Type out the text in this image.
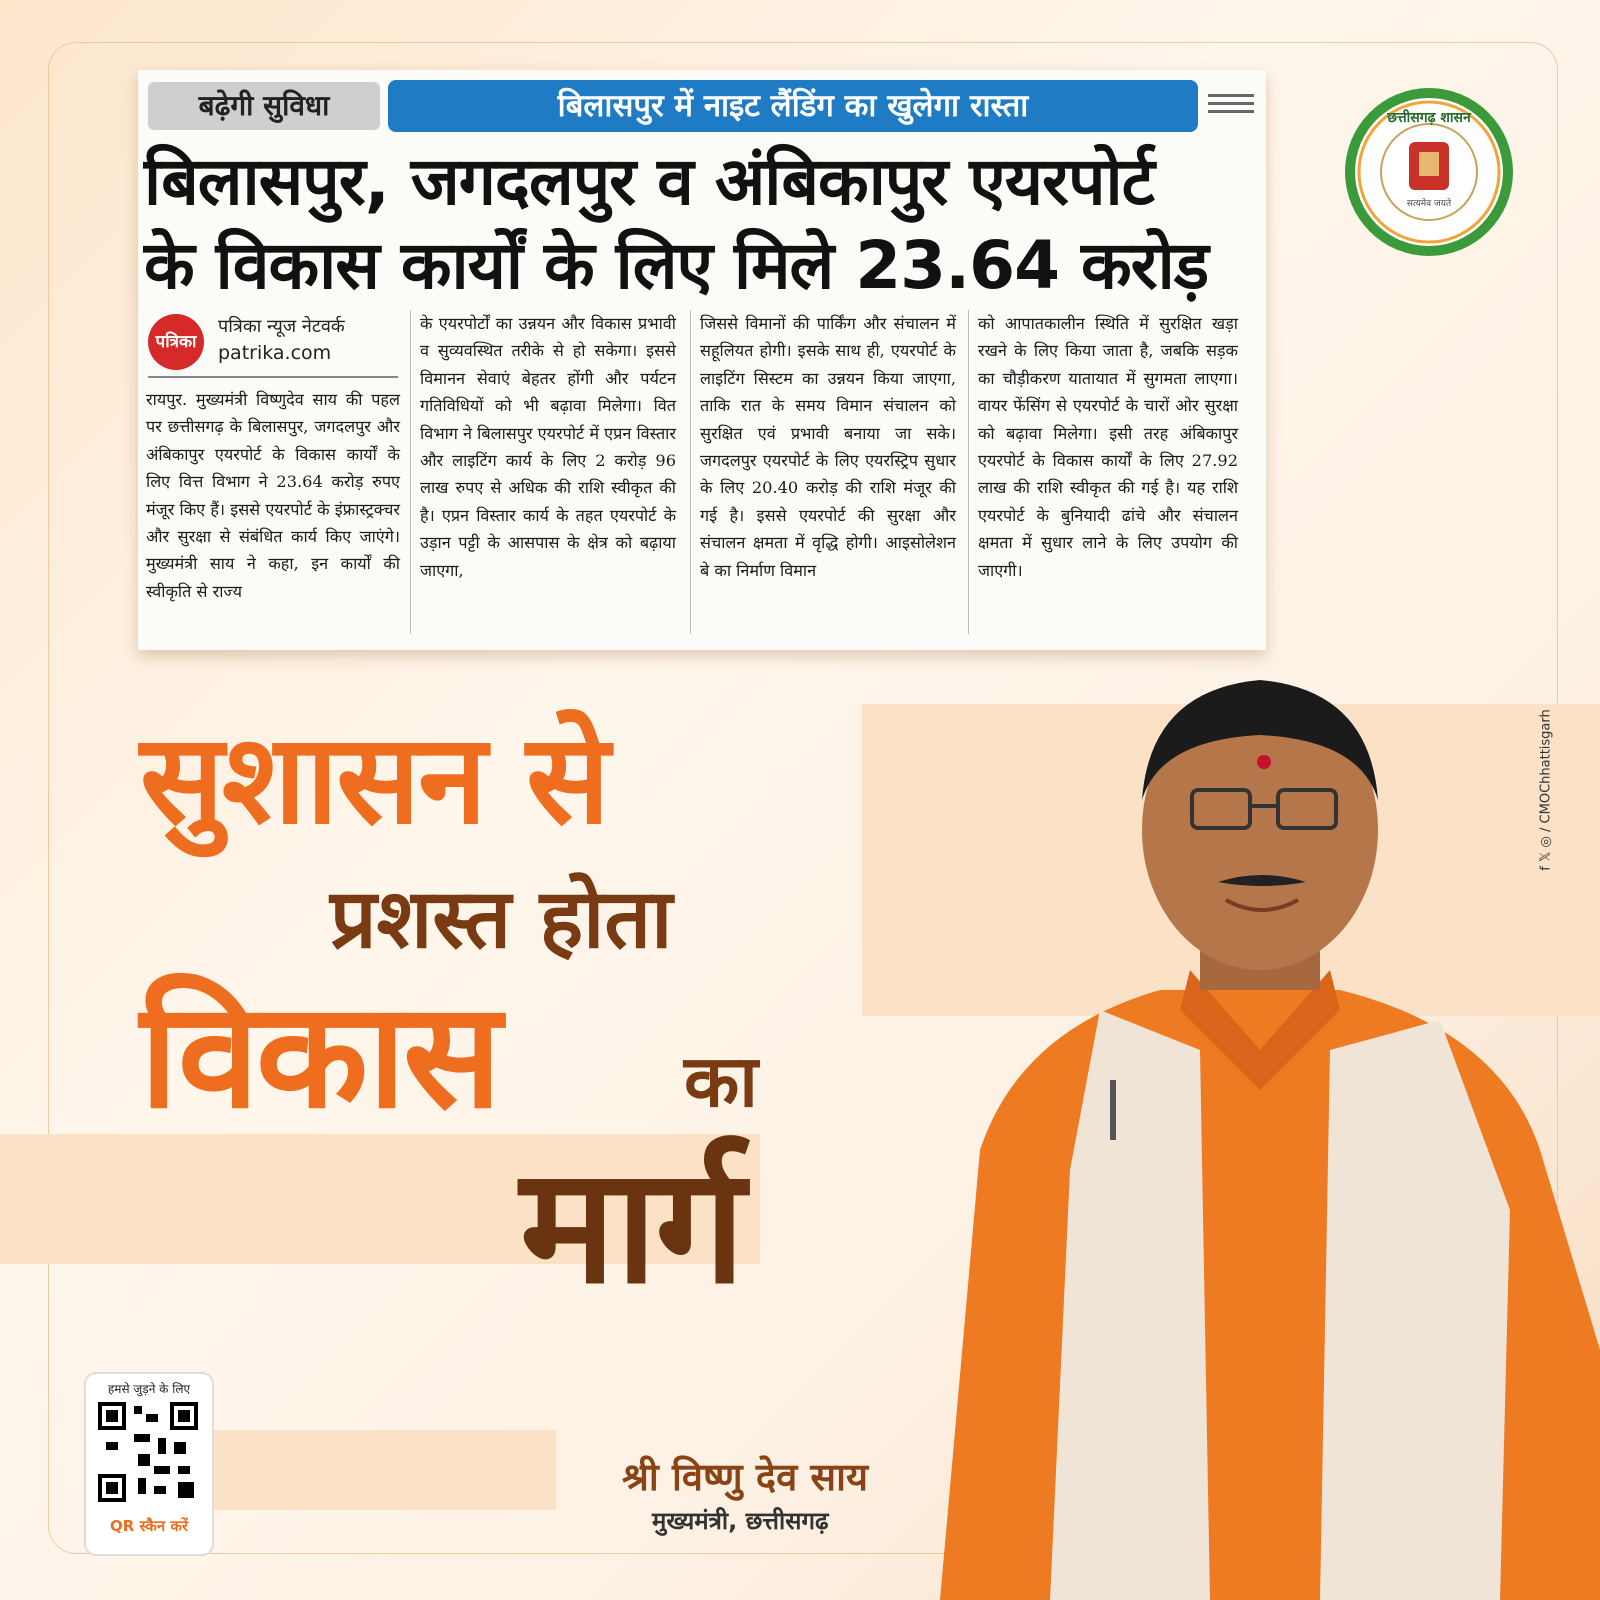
बढ़ेगी सुविधा	बिलासपुर में नाइट लैंडिंग का खुलेगा रास्ता
बिलासपुर, जगदलपुर व अंबिकापुर एयरपोर्ट
के विकास कार्यों के लिए मिले 23.64 करोड़
पत्रिका
पत्रिका न्यूज नेटवर्क
patrika.com
रायपुर. मुख्यमंत्री विष्णुदेव साय की पहल पर छत्तीसगढ़ के बिलासपुर, जगदलपुर और अंबिकापुर एयरपोर्ट के विकास कार्यों के लिए वित्त विभाग ने 23.64 करोड़ रुपए मंजूर किए हैं। इससे एयरपोर्ट के इंफ्रास्ट्रक्चर और सुरक्षा से संबंधित कार्य किए जाएंगे। मुख्यमंत्री साय ने कहा, इन कार्यों की स्वीकृति से राज्य
के एयरपोर्टों का उन्नयन और विकास प्रभावी व सुव्यवस्थित तरीके से हो सकेगा। इससे विमानन सेवाएं बेहतर होंगी और पर्यटन गतिविधियों को भी बढ़ावा मिलेगा। वित विभाग ने बिलासपुर एयरपोर्ट में एप्रन विस्तार और लाइटिंग कार्य के लिए 2 करोड़ 96 लाख रुपए से अधिक की राशि स्वीकृत की है। एप्रन विस्तार कार्य के तहत एयरपोर्ट के उड़ान पट्टी के आसपास के क्षेत्र को बढ़ाया जाएगा,
जिससे विमानों की पार्किंग और संचालन में सहूलियत होगी। इसके साथ ही, एयरपोर्ट के लाइटिंग सिस्टम का उन्नयन किया जाएगा, ताकि रात के समय विमान संचालन को सुरक्षित एवं प्रभावी बनाया जा सके। जगदलपुर एयरपोर्ट के लिए एयरस्ट्रिप सुधार के लिए 20.40 करोड़ की राशि मंजूर की गई है। इससे एयरपोर्ट की सुरक्षा और संचालन क्षमता में वृद्धि होगी। आइसोलेशन बे का निर्माण विमान
को आपातकालीन स्थिति में सुरक्षित खड़ा रखने के लिए किया जाता है, जबकि सड़क का चौड़ीकरण यातायात में सुगमता लाएगा। वायर फेंसिंग से एयरपोर्ट के चारों ओर सुरक्षा को बढ़ावा मिलेगा। इसी तरह अंबिकापुर एयरपोर्ट के विकास कार्यों के लिए 27.92 लाख की राशि स्वीकृत की गई है। यह राशि एयरपोर्ट के बुनियादी ढांचे और संचालन क्षमता में सुधार लाने के लिए उपयोग की जाएगी।
छत्तीसगढ़ शासन
सत्यमेव जयते
सुशासन से
प्रशस्त होता
विकास	का
मार्ग
f 𝕏 ◎ / CMOChhattisgarh
हमसे जुड़ने के लिए
QR स्कैन करें
श्री विष्णु देव साय
मुख्यमंत्री, छत्तीसगढ़
